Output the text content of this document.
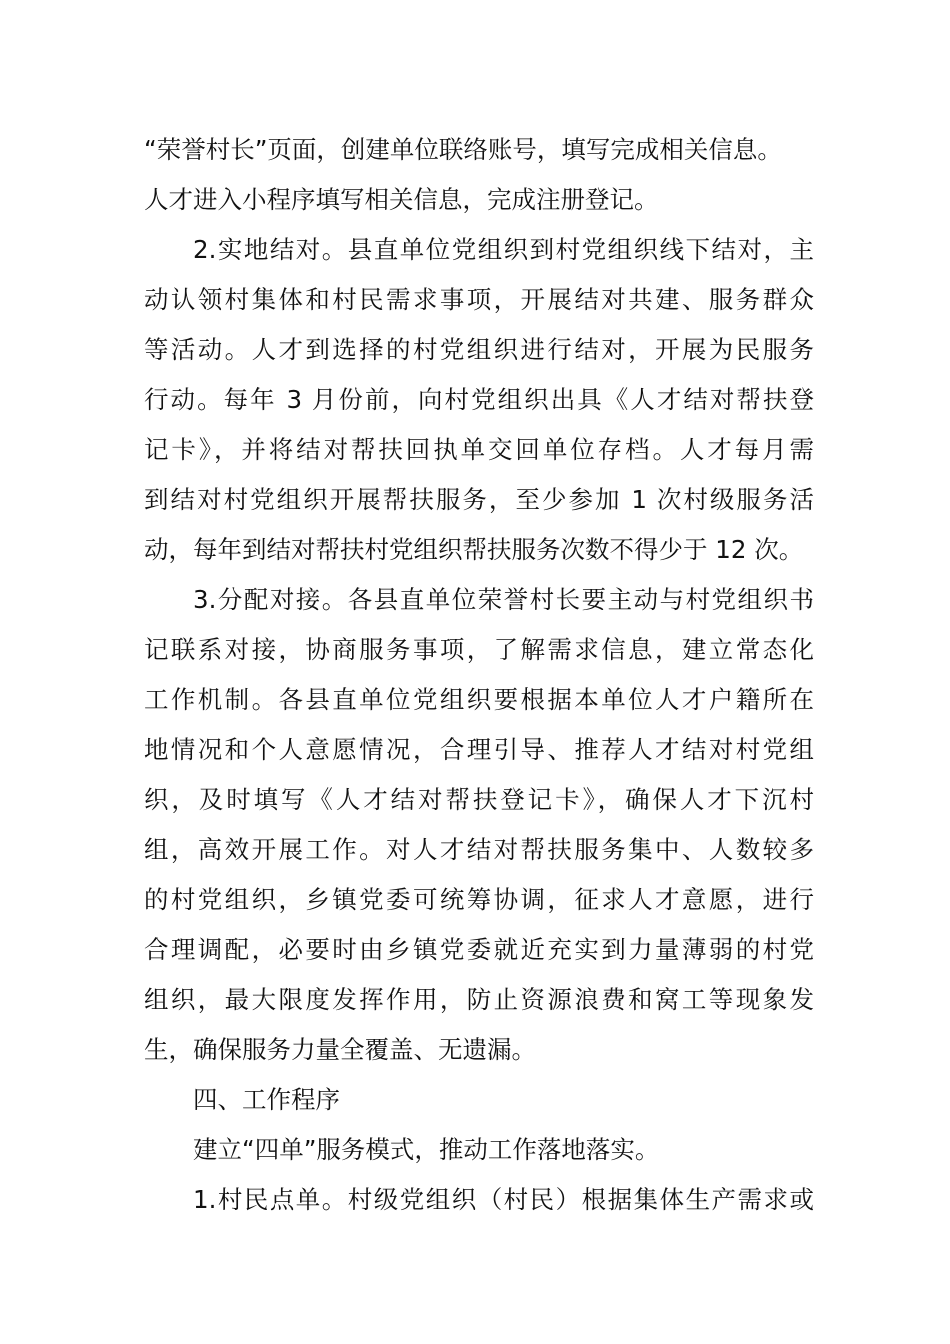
“荣誉村长”页面，创建单位联络账号，填写完成相关信息。
人才进入小程序填写相关信息，完成注册登记。
2.实地结对。县直单位党组织到村党组织线下结对，主
动认领村集体和村民需求事项，开展结对共建、服务群众
等活动。人才到选择的村党组织进行结对，开展为民服务
行动。每年 3 月份前，向村党组织出具《人才结对帮扶登
记卡》，并将结对帮扶回执单交回单位存档。人才每月需
到结对村党组织开展帮扶服务，至少参加 1 次村级服务活
动，每年到结对帮扶村党组织帮扶服务次数不得少于 12 次。
3.分配对接。各县直单位荣誉村长要主动与村党组织书
记联系对接，协商服务事项，了解需求信息，建立常态化
工作机制。各县直单位党组织要根据本单位人才户籍所在
地情况和个人意愿情况，合理引导、推荐人才结对村党组
织，及时填写《人才结对帮扶登记卡》，确保人才下沉村
组，高效开展工作。对人才结对帮扶服务集中、人数较多
的村党组织，乡镇党委可统筹协调，征求人才意愿，进行
合理调配，必要时由乡镇党委就近充实到力量薄弱的村党
组织，最大限度发挥作用，防止资源浪费和窝工等现象发
生，确保服务力量全覆盖、无遗漏。
四、工作程序
建立“四单”服务模式，推动工作落地落实。
1.村民点单。村级党组织（村民）根据集体生产需求或
